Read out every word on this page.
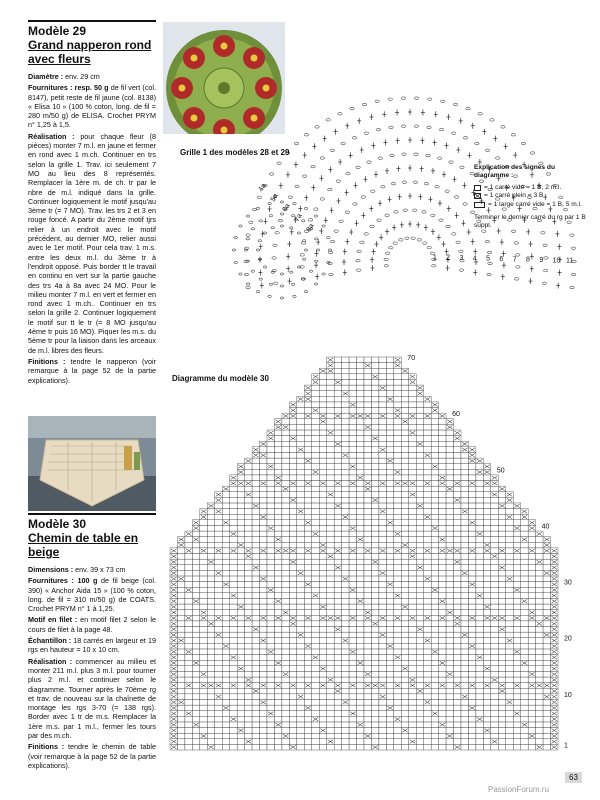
Modèle 29
Grand napperon rond avec fleurs

Diamètre : env. 29 cm

Fournitures : resp. 50 g de fil vert (col. 8147), petit reste de fil jaune (col. 8138) « Elisa 10 » (100 % coton, long. de fil = 280 m/50 g) de ELISA. Crochet PRYM n° 1,25 à 1,5.

Réalisation : pour chaque fleur (8 pièces) monter 7 m.l. en jaune et fermer en rond avec 1 m.ch. Continuer en trs selon la grille 1. Trav. ici seulement 7 MO au lieu des 8 représentés. Remplacer la 1ère m. de ch. tr par le nbre de m.l. indiqué dans la grille. Continuer logiquement le motif jusqu'au 3ème tr (= 7 MO). Trav. les trs 2 et 3 en rouge foncé. A partir du 2ème motif tjrs relier à un endroit avec le motif précédent, au dernier MO, relier aussi avec le 1er motif. Pour cela trav. 1 m.s. entre les deux m.l. du 3ème tr à l'endroit opposé. Puis border tt le travail en continu en vert sur la partie gauche des trs 4a à 8a avec 24 MO. Pour le milieu monter 7 m.l. en vert et fermer en rond avec 1 m.ch.. Continuer en trs selon la grille 2. Continuer logiquement le motif sur tt le tr (= 8 MO jusqu'au 4ème tr puis 16 MO). Piquer les m.s. du 5ème tr pour la liaison dans les arceaux de m.l. libres des fleurs.

Finitions : tendre le napperon (voir remarque à la page 52 de la partie explications).

Modèle 30
Chemin de table en beige

Dimensions : env. 39 x 73 cm

Fournitures : 100 g de fil beige (col. 390) « Anchor Aida 15 » (100 % coton, long. de fil = 310 m/50 g) de COATS. Crochet PRYM n° 1 à 1,25.

Motif en filet : en motif filet 2 selon le cours de filet à la page 48.

Échantillon : 18 carrés en largeur et 19 rgs en hauteur = 10 x 10 cm.

Réalisation : commencer au milieu et monter 211 m.l. plus 3 m.l. pour tourner plus 2 m.l. et continuer selon le diagramme. Tourner après le 70ème rg et trav. de nouveau sur la chaînette de montage les rgs 3-70 (= 138 rgs). Border avec 1 tr de m.s. Remplacer la 1ère m.s. par 1 m.l., fermer les tours par des m.ch.

Finitions : tendre le chemin de table (voir remarque à la page 52 de la partie explications).

Grille 1 des modèles 28 et 29
Explication des signes du diagramme :
= 1 carré vide = 1 B, 2 m.l.
= 1 carré plein = 3 B
= 1 large carré vide = 1 B, 5 m.l.
Terminer le dernier carré du rg par 1 B suppl.
Diagramme du modèle 30
1 2 3 4 5 6 7 8 9 10 11
4a
5a
6a
7a
8a
70
60
50
40
30
20
10
1
63
PassionForum.ru
